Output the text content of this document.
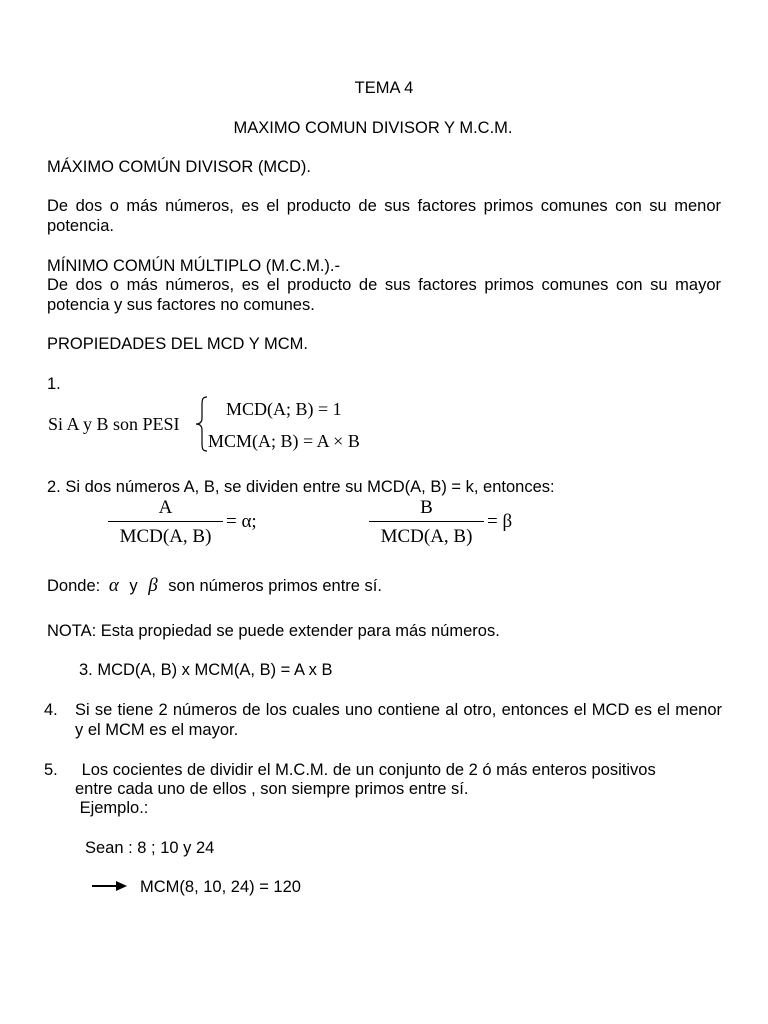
TEMA 4
MAXIMO COMUN DIVISOR Y M.C.M.
MÁXIMO COMÚN DIVISOR (MCD).
De dos o más números, es el producto de sus factores primos comunes con su menor potencia.
MÍNIMO COMÚN MÚLTIPLO (M.C.M.).-
De dos o más números, es el producto de sus factores primos comunes con su mayor potencia y sus factores no comunes.
PROPIEDADES DEL MCD Y MCM.
1.
Si A y B son PESI
MCD(A; B) = 1
MCM(A; B) = A × B
2. Si dos números A, B, se dividen entre su MCD(A, B) = k, entonces:
A
MCD(A, B)
= α;
B
MCD(A, B)
= β
Donde: α y β son números primos entre sí.
NOTA: Esta propiedad se puede extender para más números.
3. MCD(A, B) x MCM(A, B) = A x B
4. Si se tiene 2 números de los cuales uno contiene al otro, entonces el MCD es el menor y el MCM es el mayor.
5. Los cocientes de dividir el M.C.M. de un conjunto de 2 ó más enteros positivos
entre cada uno de ellos , son siempre primos entre sí.
Ejemplo.:
Sean : 8 ; 10 y 24
MCM(8, 10, 24) = 120
